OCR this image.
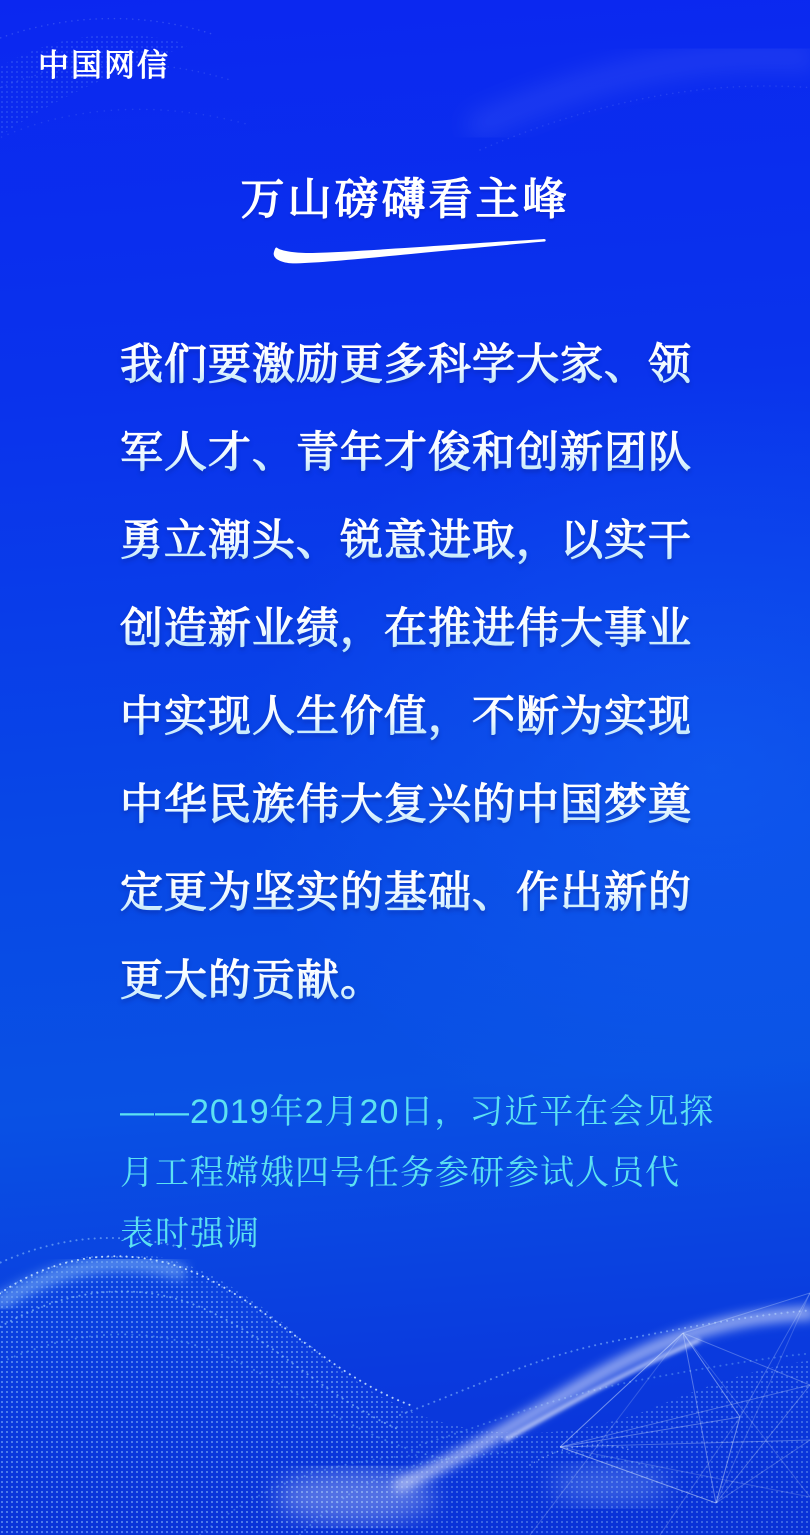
中国网信
万山磅礴看主峰
我们要激励更多科学大家、领
军人才、青年才俊和创新团队
勇立潮头、锐意进取，以实干
创造新业绩，在推进伟大事业
中实现人生价值，不断为实现
中华民族伟大复兴的中国梦奠
定更为坚实的基础、作出新的
更大的贡献。
——2019年2月20日，习近平在会见探
月工程嫦娥四号任务参研参试人员代
表时强调
